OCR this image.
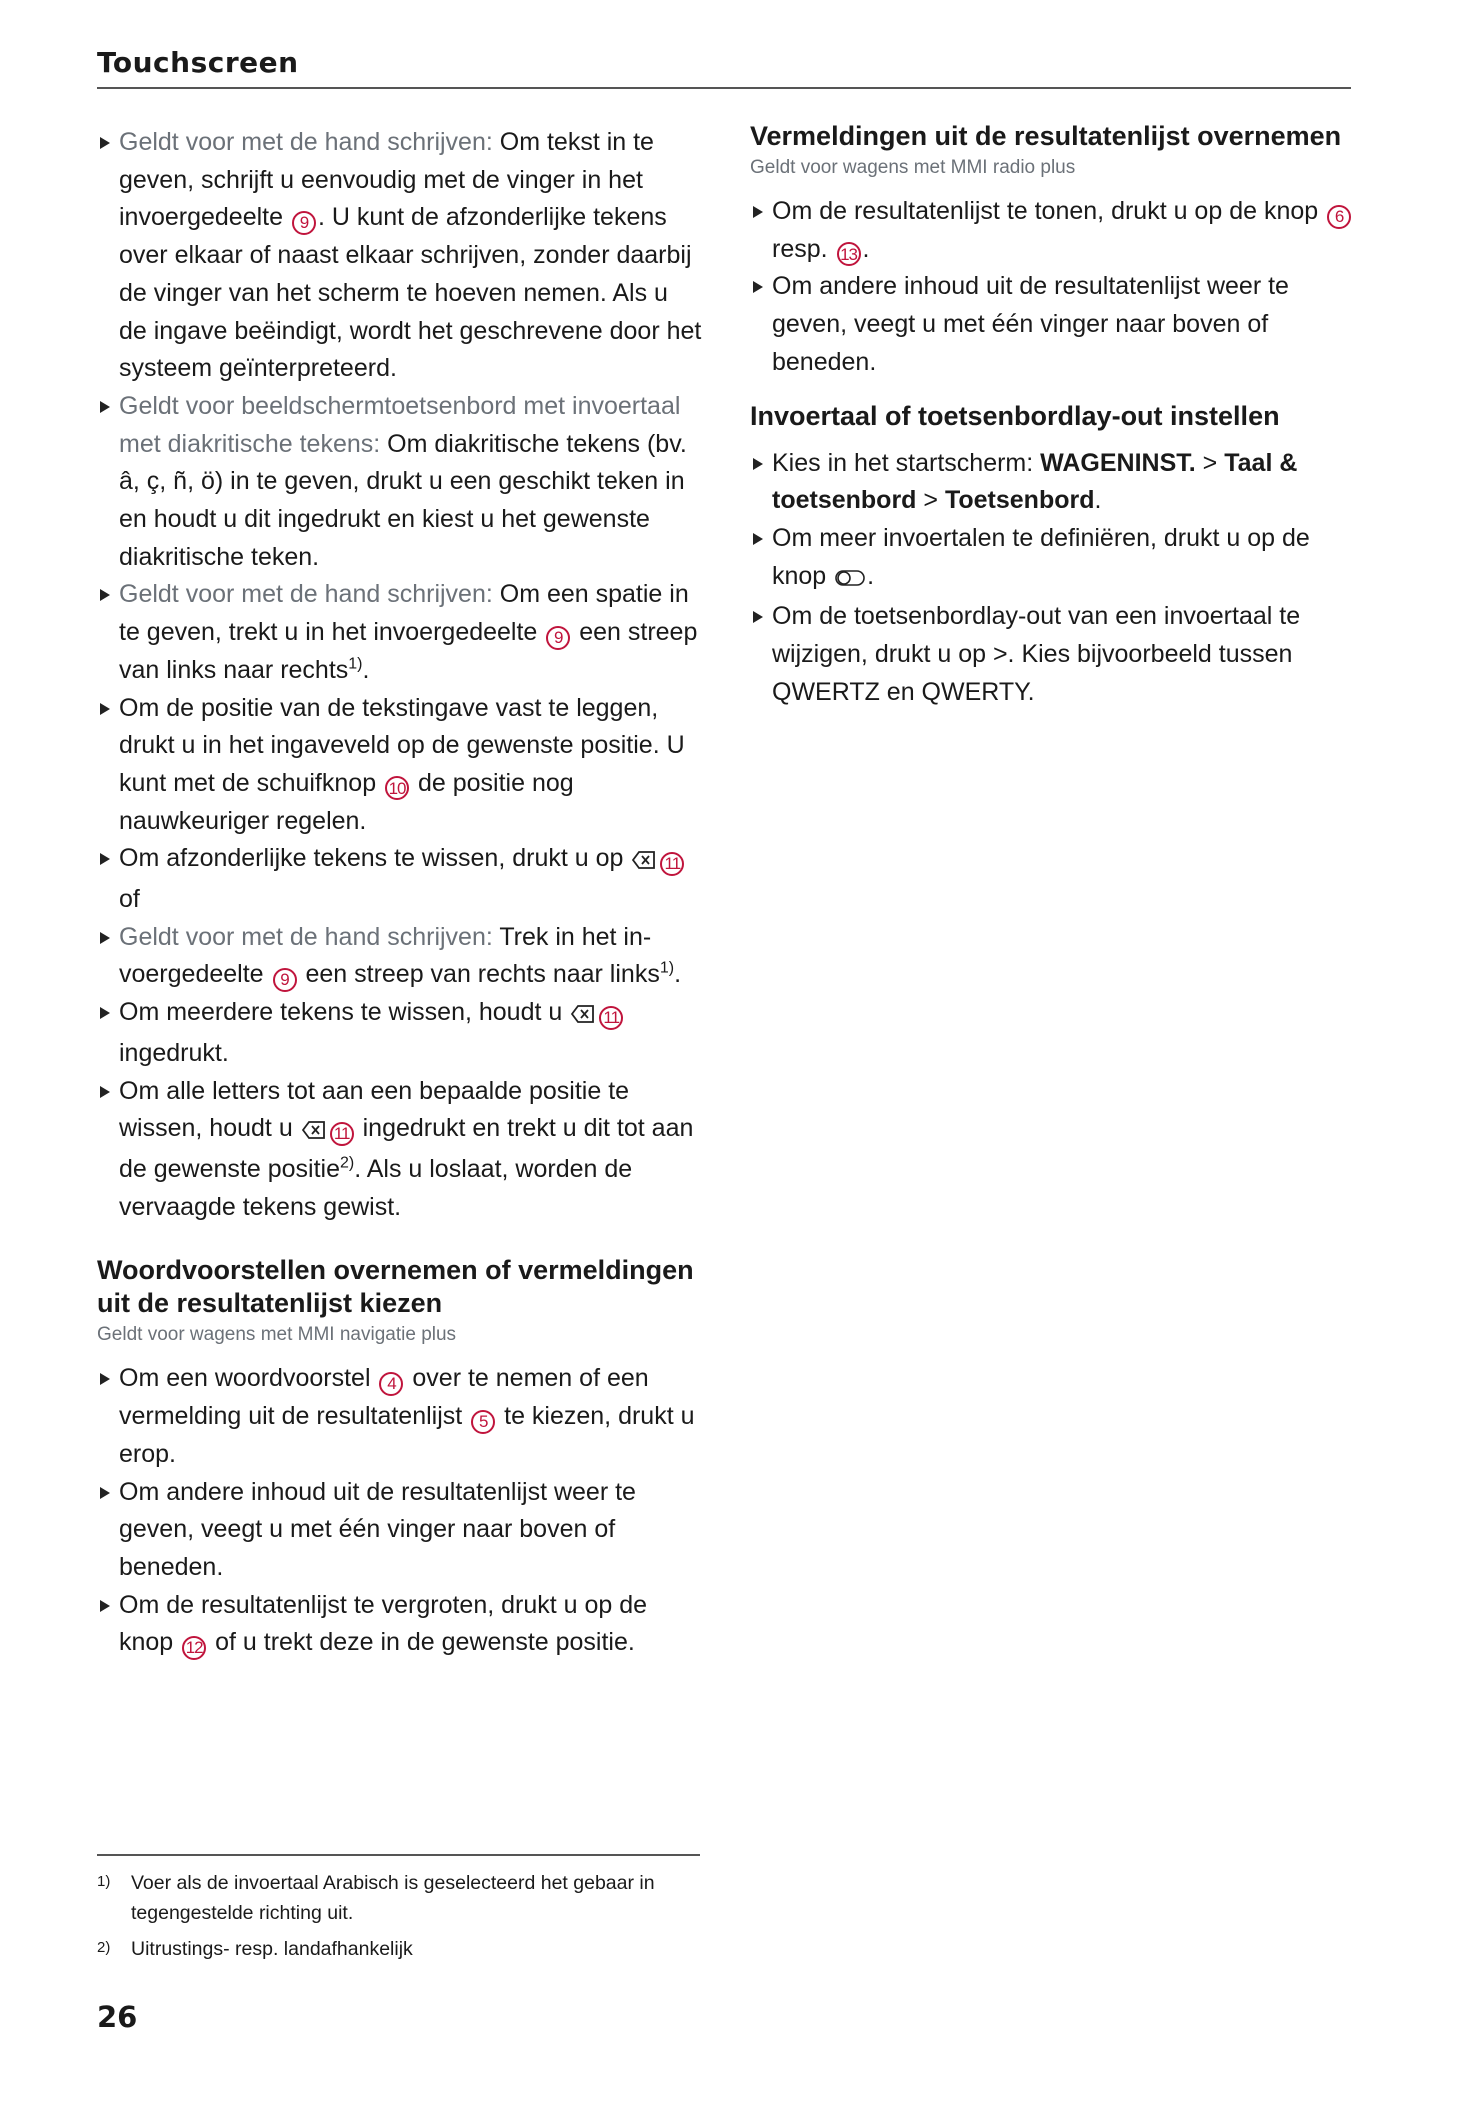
Touchscreen
Geldt voor met de hand schrijven: Om tekst in te geven, schrijft u eenvoudig met de vinger in het invoergedeelte 9 . U kunt de afzonderlijke tekens over elkaar of naast elkaar schrijven, zonder daarbij de vinger van het scherm te hoeven nemen. Als u de ingave beëindigt, wordt het geschrevene door het systeem geïnterpreteerd.
Geldt voor beeldschermtoetsenbord met invoertaal met diakritische tekens: Om diakritische tekens (bv. â, ç, ñ, ö) in te geven, drukt u een geschikt teken in en houdt u dit ingedrukt en kiest u het gewenste diakritische teken.
Geldt voor met de hand schrijven: Om een spatie in te geven, trekt u in het invoergedeelte 9 een streep van links naar rechts$^{1)}$.
Om de positie van de tekstingave vast te leggen, drukt u in het ingaveveld op de gewenste positie. U kunt met de schuifknop 10 de positie nog nauwkeuriger regelen.
Om afzonderlijke tekens te wissen, drukt u op 11 of
Geldt voor met de hand schrijven: Trek in het invoergedeelte 9 een streep van rechts naar links$^{1)}$.
Om meerdere tekens te wissen, houdt u 11 ingedrukt.
Om alle letters tot aan een bepaalde positie te wissen, houdt u 11 ingedrukt en trekt u dit tot aan de gewenste positie$^{2)}$. Als u loslaat, worden de vervaagde tekens gewist.
Woordvoorstellen overnemen of vermeldingen uit de resultatenlijst kiezen
Geldt voor wagens met MMI navigatie plus
Om een woordvoorstel 4 over te nemen of een vermelding uit de resultatenlijst 5 te kiezen, drukt u erop.
Om andere inhoud uit de resultatenlijst weer te geven, veegt u met één vinger naar boven of beneden.
Om de resultatenlijst te vergroten, drukt u op de knop 12 of u trekt deze in de gewenste positie.
Vermeldingen uit de resultatenlijst overnemen
Geldt voor wagens met MMI radio plus
Om de resultatenlijst te tonen, drukt u op de knop 6 resp. 13 .
Om andere inhoud uit de resultatenlijst weer te geven, veegt u met één vinger naar boven of beneden.
Invoertaal of toetsenbordlay-out instellen
Kies in het startscherm: WAGENINST. > Taal & toetsenbord > Toetsenbord.
Om meer invoertalen te definiëren, drukt u op de knop .
Om de toetsenbordlay-out van een invoertaal te wijzigen, drukt u op >. Kies bijvoorbeeld tussen QWERTZ en QWERTY.
1) Voer als de invoertaal Arabisch is geselecteerd het gebaar in tegengestelde richting uit.
2) Uitrustings- resp. landafhankelijk
26
